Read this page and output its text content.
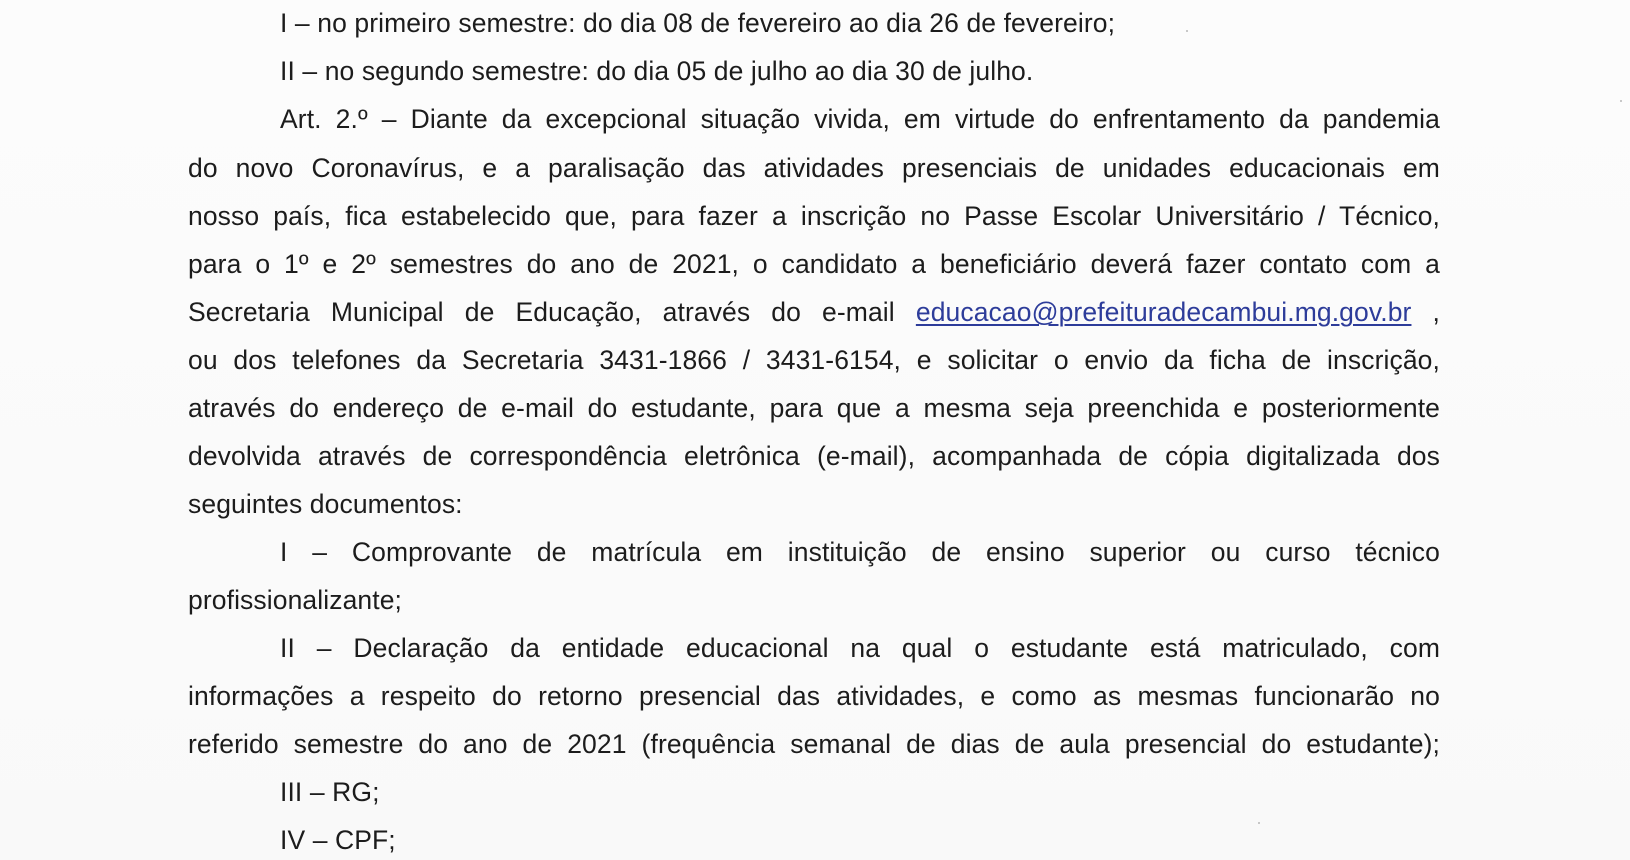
I – no primeiro semestre: do dia 08 de fevereiro ao dia 26 de fevereiro;
II – no segundo semestre: do dia 05 de julho ao dia 30 de julho.
Art. 2.º – Diante da excepcional situação vivida, em virtude do enfrentamento da pandemia
do novo Coronavírus, e a paralisação das atividades presenciais de unidades educacionais em
nosso país, fica estabelecido que, para fazer a inscrição no Passe Escolar Universitário / Técnico,
para o 1º e 2º semestres do ano de 2021, o candidato a beneficiário deverá fazer contato com a
Secretaria Municipal de Educação, através do e-mail educacao@prefeituradecambui.mg.gov.br ,
ou dos telefones da Secretaria 3431-1866 / 3431-6154, e solicitar o envio da ficha de inscrição,
através do endereço de e-mail do estudante, para que a mesma seja preenchida e posteriormente
devolvida através de correspondência eletrônica (e-mail), acompanhada de cópia digitalizada dos
seguintes documentos:
I – Comprovante de matrícula em instituição de ensino superior ou curso técnico
profissionalizante;
II – Declaração da entidade educacional na qual o estudante está matriculado, com
informações a respeito do retorno presencial das atividades, e como as mesmas funcionarão no
referido semestre do ano de 2021 (frequência semanal de dias de aula presencial do estudante);
III – RG;
IV – CPF;
